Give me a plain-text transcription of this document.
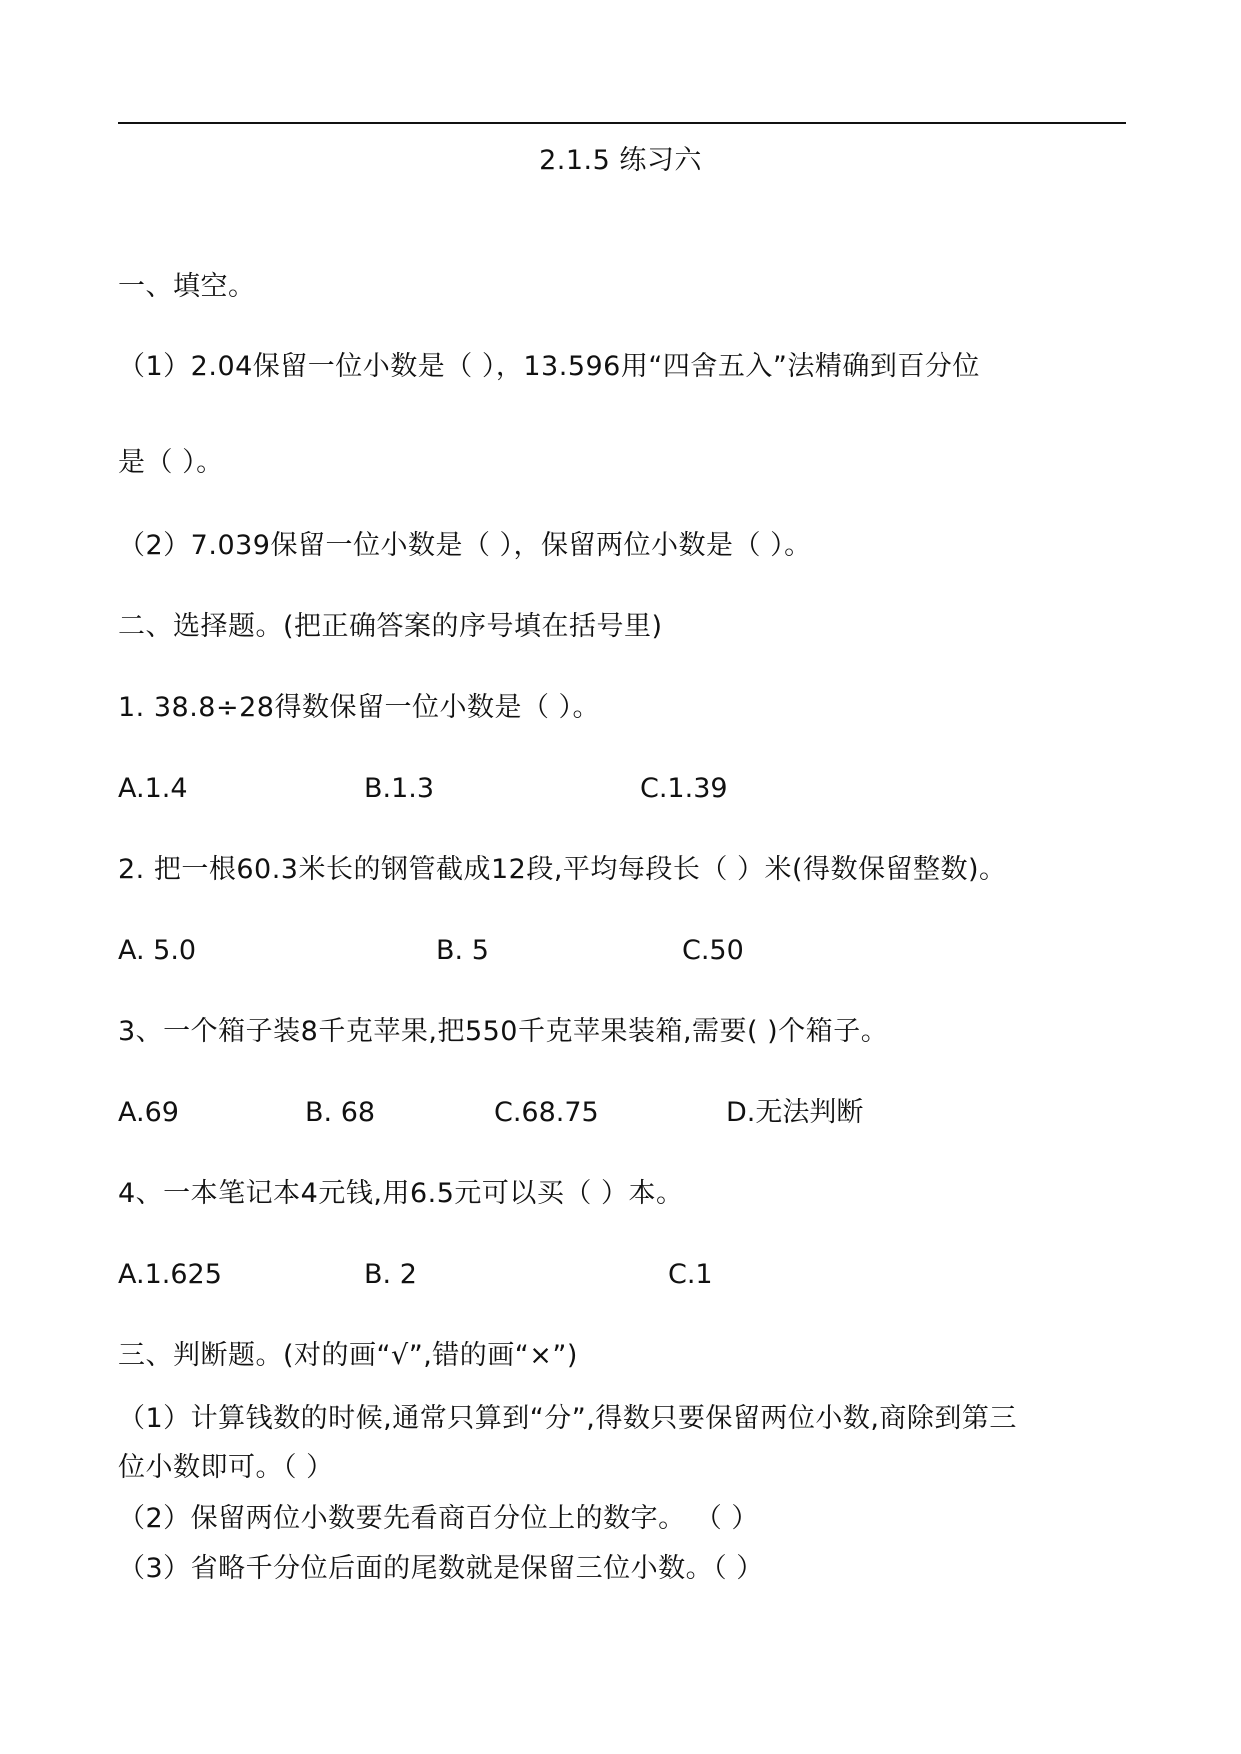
2.1.5 练习六
一、填空。
（1）2.04保留一位小数是（ ），13.596用“四舍五入”法精确到百分位
是（ ）。
（2）7.039保留一位小数是（ ），保留两位小数是（ ）。
二、选择题。(把正确答案的序号填在括号里)
1. 38.8÷28得数保留一位小数是（ ）。
A.1.4	B.1.3	C.1.39
2. 把一根60.3米长的钢管截成12段,平均每段长（ ）米(得数保留整数)。
A. 5.0	B. 5	C.50
3、一个箱子装8千克苹果,把550千克苹果装箱,需要( )个箱子。
A.69	B. 68	C.68.75	D.无法判断
4、一本笔记本4元钱,用6.5元可以买（ ）本。
A.1.625	B. 2	C.1
三、判断题。(对的画“√”,错的画“×”)
（1）计算钱数的时候,通常只算到“分”,得数只要保留两位小数,商除到第三
位小数即可。（ ）
（2）保留两位小数要先看商百分位上的数字。 （ ）
（3）省略千分位后面的尾数就是保留三位小数。（ ）
